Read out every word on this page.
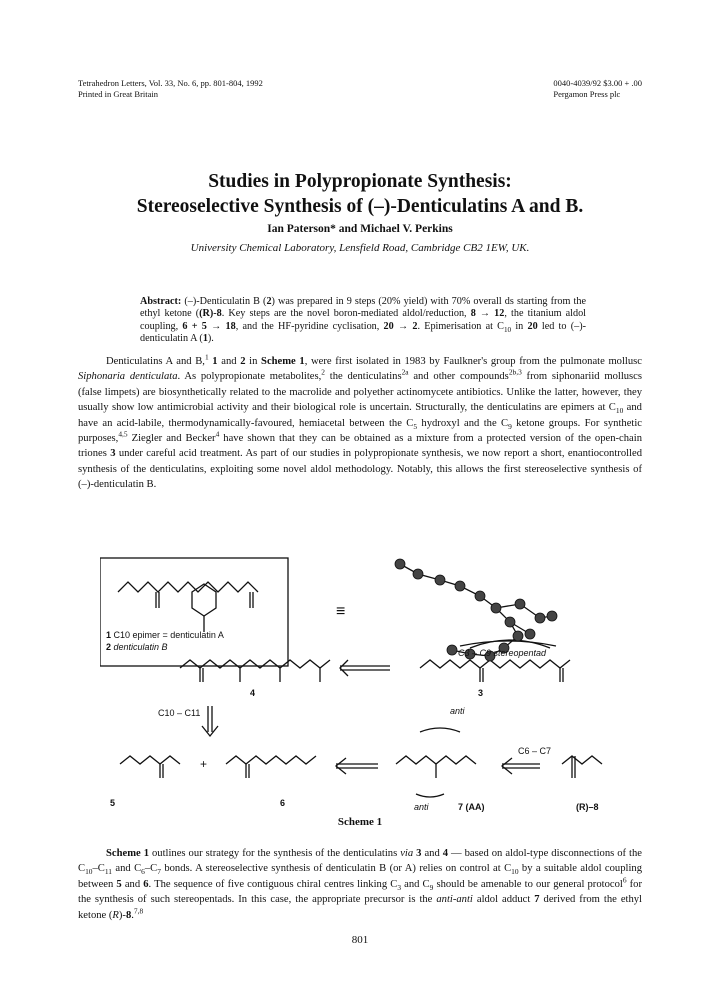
Tetrahedron Letters, Vol. 33, No. 6, pp. 801-804, 1992
Printed in Great Britain
0040-4039/92 $3.00 + .00
Pergamon Press plc
Studies in Polypropionate Synthesis:
Stereoselective Synthesis of (–)-Denticulatins A and B.
Ian Paterson* and Michael V. Perkins
University Chemical Laboratory, Lensfield Road, Cambridge CB2 1EW, UK.
Abstract: (–)-Denticulatin B (2) was prepared in 9 steps (20% yield) with 70% overall ds starting from the ethyl ketone ((R)-8. Key steps are the novel boron-mediated aldol/reduction, 8 → 12, the titanium aldol coupling, 6 + 5 → 18, and the HF-pyridine cyclisation, 20 → 2. Epimerisation at $C_{10}$ in 20 led to (–)-denticulatin A (1).
Denticulatins A and B,$^1$ 1 and 2 in Scheme 1, were first isolated in 1983 by Faulkner's group from the pulmonate mollusc Siphonaria denticulata. As polypropionate metabolites,$^2$ the denticulatins$^{2a}$ and other compounds$^{2b,3}$ from siphonariid molluscs (false limpets) are biosynthetically related to the macrolide and polyether actinomycete antibiotics. Unlike the latter, however, they usually show low antimicrobial activity and their biological role is uncertain. Structurally, the denticulatins are epimers at $C_{10}$ and have an acid-labile, thermodynamically-favoured, hemiacetal between the $C_5$ hydroxyl and the $C_9$ ketone groups. For synthetic purposes,$^{4,5}$ Ziegler and Becker$^4$ have shown that they can be obtained as a mixture from a protected version of the open-chain triones 3 under careful acid treatment. As part of our studies in polypropionate synthesis, we now report a short, enantiocontrolled synthesis of the denticulatins, exploiting some novel aldol methodology. Notably, this allows the first stereoselective synthesis of (–)-denticulatin B.
1 C10 epimer = denticulatin A
2 denticulatin B
≡
C3 – C9 stereopentad
4	3
C10 – C11	anti
C6 – C7
+
5	6	anti	7 (AA)	(R)–8
Scheme 1
Scheme 1 outlines our strategy for the synthesis of the denticulatins via 3 and 4 — based on aldol-type disconnections of the $C_{10}-C_{11}$ and $C_6-C_7$ bonds. A stereoselective synthesis of denticulatin B (or A) relies on control at $C_{10}$ by a suitable aldol coupling between 5 and 6. The sequence of five contiguous chiral centres linking $C_3$ and $C_9$ should be amenable to our general protocol$^6$ for the synthesis of such stereopentads. In this case, the appropriate precursor is the anti-anti aldol adduct 7 derived from the ethyl ketone (R)-8.$^{7,8}$
801
